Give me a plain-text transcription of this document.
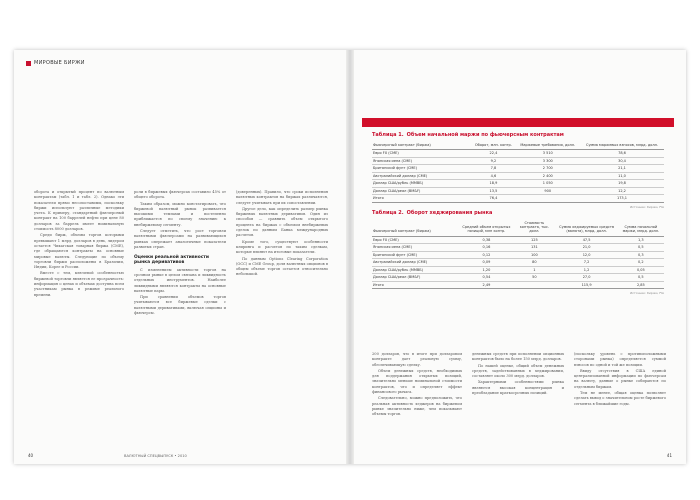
МИРОВЫЕ БИРЖИ

оборота и открытый процент по валютным контрактам (табл. 1 и табл. 2). Однако эти показатели прямо несопоставимы, поскольку биржи используют различные методики учета. К примеру, стандартный фьючерсный контракт на 100 баррелей нефти при цене 80 долларов за баррель имеет номинальную стоимость 8000 долларов.

Среди бирж, объемы торгов которыми превышают 1 млрд. долларов в день, лидером остается Чикагская товарная биржа (CME), где обращаются контракты на основные мировые валюты. Следующие по объему торговли биржи расположены в Бразилии, Индии, Корее и России.

Вместе с тем, ключевой особенностью биржевой торговли является ее прозрачность: информация о ценах и объемах доступна всем участникам рынка в режиме реального времени.

роли в биржевых фьючерсах составило 45% от общего оборота.

Таким образом, можно констатировать, что биржевой валютный рынок развивается высокими темпами и постепенно приближается по своему значению к внебиржевому сегменту.

Следует отметить, что рост торговли валютными фьючерсами на развивающихся рынках опережает аналогичные показатели развитых стран.

Оценки реальной активности рынка деривативов

С изменением активности торгов на срочном рынке в целом связана и ликвидность отдельных инструментов. Наиболее ликвидными являются контракты на основные валютные пары.

При сравнении объемов торгов учитываются все биржевые сделки с валютными деривативами, включая опционы и фьючерсы.

(доверенных). Правило, что сроки исполнения валютных контрактов на биржах различаются, следует учитывать при их сопоставлении.

Другое дело, как определить размер рынка биржевых валютных деривативов. Один из способов — сравнить объем открытого процента на биржах с объемом внебиржевых сделок по данным Банка международных расчетов.

Кроме того, существуют особенности клиринга и расчетов по таким сделкам, которые влияют на итоговые показатели.

По данным Options Clearing Corporation (OCC) и CME Group, доля валютных опционов в общем объеме торгов остается относительно небольшой.

40	ВАЛЮТНЫЙ СПЕЦВЫПУСК • 2010
Таблица 1. Объем начальной маржи по фьючерсным контрактам
Фьючерсный контракт (биржа)	Оборот, млн. контр.	Маржевые требования, долл.	Сумма маржевых взносов, млрд. долл.
Евро FX (CME)	22,4	3 510	78,6
Японская иена (CME)	9,2	3 300	30,4
Британский фунт (CME)	7,8	2 700	21,1
Австралийский доллар (CME)	4,6	2 400	11,0
Доллар США/рубль (ММВБ)	18,9	1 050	19,8
Доллар США/реал (BM&F)	13,5	900	12,2
Итого	76,4		173,1
Источник: биржи, FIA
Таблица 2. Оборот хеджирования рынка
Фьючерсный контракт (биржа)	Средний объем открытых позиций, млн контр.	Стоимость контракта, тыс. долл.	Сумма хеджируемых средств (валюта), млрд. долл.	Сумма начальной маржи, млрд. долл.
Евро FX (CME)	0,38	125	47,5	1,3
Японская иена (CME)	0,16	131	21,0	0,5
Британский фунт (CME)	0,12	100	12,0	0,3
Австралийский доллар (CME)	0,09	80	7,2	0,2
Доллар США/рубль (ММВБ)	1,20	1	1,2	0,05
Доллар США/реал (BM&F)	0,54	50	27,0	0,5
Итого	2,49		115,9	2,85
Источник: биржи, FIA

200 долларов, что в итоге при долларовом контракте дает реальную сумму, обеспечивающую сделку.

Объем денежных средств, необходимых для поддержания открытых позиций, значительно меньше номинальной стоимости контрактов, что и определяет эффект финансового рычага.

Следовательно, можно предположить, что реальная активность хеджеров на биржевом рынке значительно ниже, чем показывают объемы торгов.

денежных средств при исполнении опционных контрактов было на более 150 млрд. долларов.

По нашей оценке, общий объем денежных средств, задействованных в хеджировании, составляет около 300 млрд. долларов.

Характерными особенностями рынка являются высокая концентрация и преобладание краткосрочных позиций.

(поскольку уровень с противоположными сторонами рынка) определяется суммой взносов по одной и той же позиции.

Ввиду отсутствия в США единой централизованной информации по фьючерсам на валюту, данные о рынке собираются по отдельным биржам.

Тем не менее, общая оценка позволяет сделать вывод о значительном росте биржевого сегмента в ближайшие годы.

41
